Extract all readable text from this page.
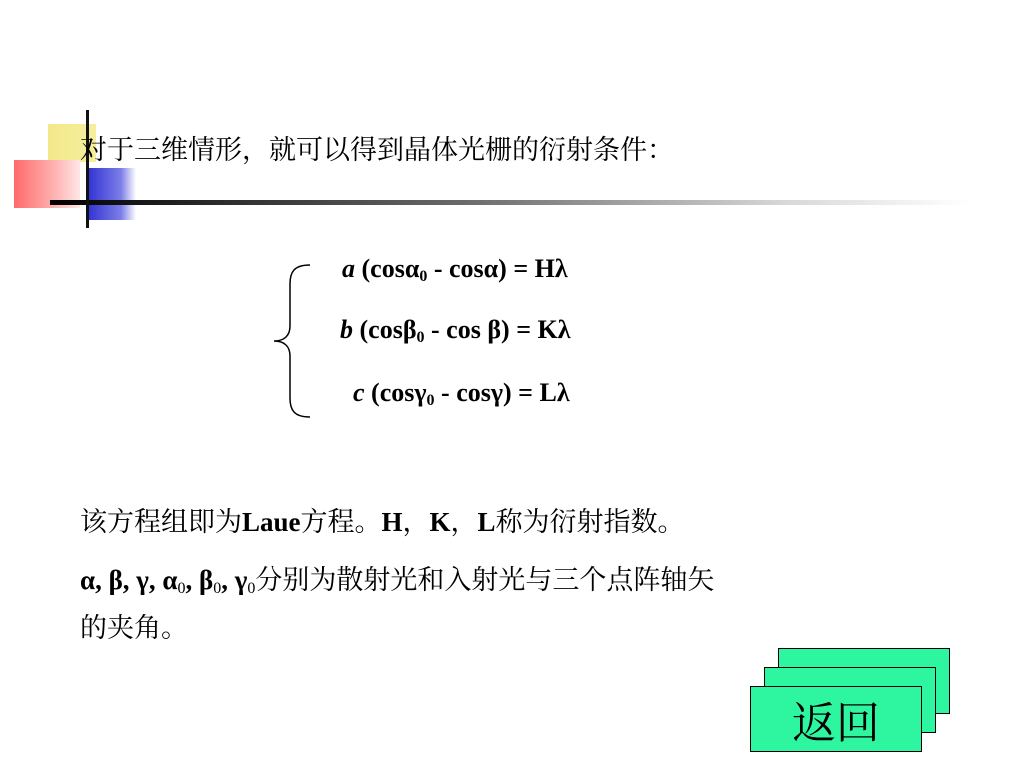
对于三维情形，就可以得到晶体光栅的衍射条件：
a (cosα$_0$ - cosα) = Hλ
b (cosβ$_0$ - cos β) = Kλ
c (cosγ$_0$ - cosγ) = Lλ
该方程组即为Laue方程。H，K，L称为衍射指数。
α, β, γ, $\alpha_0$, $\beta_0$, $\gamma_0$分别为散射光和入射光与三个点阵轴矢
的夹角。
返回
